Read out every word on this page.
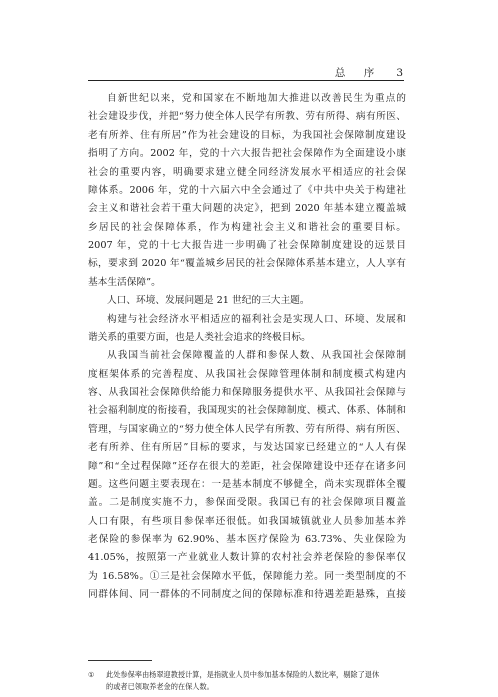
总　序 3
自新世纪以来，党和国家在不断地加大推进以改善民生为重点的
社会建设步伐，并把“努力使全体人民学有所教、劳有所得、病有所医、
老有所养、住有所居”作为社会建设的目标，为我国社会保障制度建设
指明了方向。2002 年，党的十六大报告把社会保障作为全面建设小康
社会的重要内容，明确要求建立健全同经济发展水平相适应的社会保
障体系。2006 年，党的十六届六中全会通过了《中共中央关于构建社
会主义和谐社会若干重大问题的决定》，把到 2020 年基本建立覆盖城
乡居民的社会保障体系，作为构建社会主义和谐社会的重要目标。
2007 年，党的十七大报告进一步明确了社会保障制度建设的远景目
标，要求到 2020 年“覆盖城乡居民的社会保障体系基本建立，人人享有
基本生活保障”。
人口、环境、发展问题是 21 世纪的三大主题。
构建与社会经济水平相适应的福利社会是实现人口、环境、发展和
谐关系的重要方面，也是人类社会追求的终极目标。
从我国当前社会保障覆盖的人群和参保人数、从我国社会保障制
度框架体系的完善程度、从我国社会保障管理体制和制度模式构建内
容、从我国社会保障供给能力和保障服务提供水平、从我国社会保障与
社会福利制度的衔接看，我国现实的社会保障制度、模式、体系、体制和
管理，与国家确立的“努力使全体人民学有所教、劳有所得、病有所医、
老有所养、住有所居”目标的要求，与发达国家已经建立的“人人有保
障”和“全过程保障”还存在很大的差距，社会保障建设中还存在诸多问
题。这些问题主要表现在：一是基本制度不够健全，尚未实现群体全覆
盖。二是制度实施不力，参保面受限。我国已有的社会保障项目覆盖
人口有限，有些项目参保率还很低。如我国城镇就业人员参加基本养
老保险的参保率为 62.90%、基本医疗保险为 63.73%、失业保险为
41.05%，按照第一产业就业人数计算的农村社会养老保险的参保率仅
为 16.58%。①三是社会保障水平低，保障能力差。同一类型制度的不
同群体间、同一群体的不同制度之间的保障标准和待遇差距悬殊，直接
① 此处参保率由杨翠迎教授计算，是指就业人员中参加基本保险的人数比率，剔除了退休
的或者已领取养老金的在保人数。
